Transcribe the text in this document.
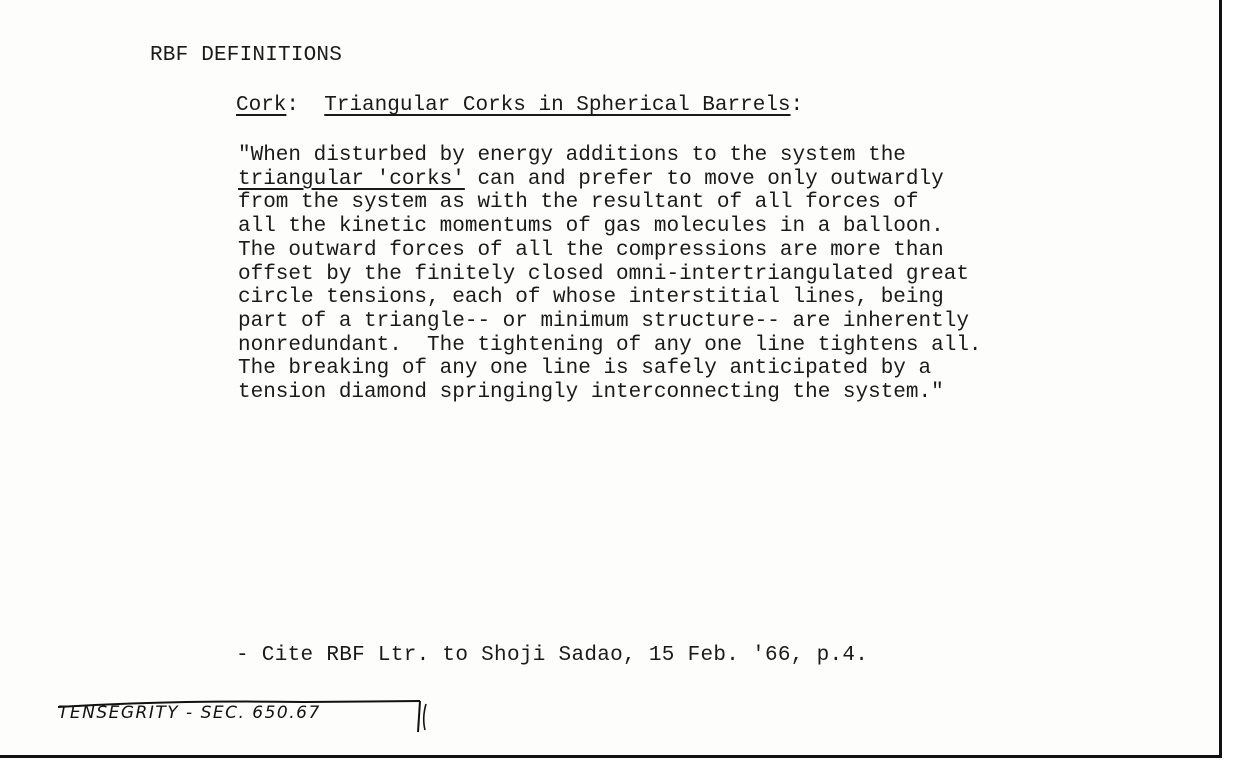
RBF DEFINITIONS
Cork: Triangular Corks in Spherical Barrels:
"When disturbed by energy additions to the system the
triangular 'corks' can and prefer to move only outwardly
from the system as with the resultant of all forces of
all the kinetic momentums of gas molecules in a balloon.
The outward forces of all the compressions are more than
offset by the finitely closed omni-intertriangulated great
circle tensions, each of whose interstitial lines, being
part of a triangle-- or minimum structure-- are inherently
nonredundant.  The tightening of any one line tightens all.
The breaking of any one line is safely anticipated by a
tension diamond springingly interconnecting the system."
- Cite RBF Ltr. to Shoji Sadao, 15 Feb. '66, p.4.
TENSEGRITY - SEC. 650.67
